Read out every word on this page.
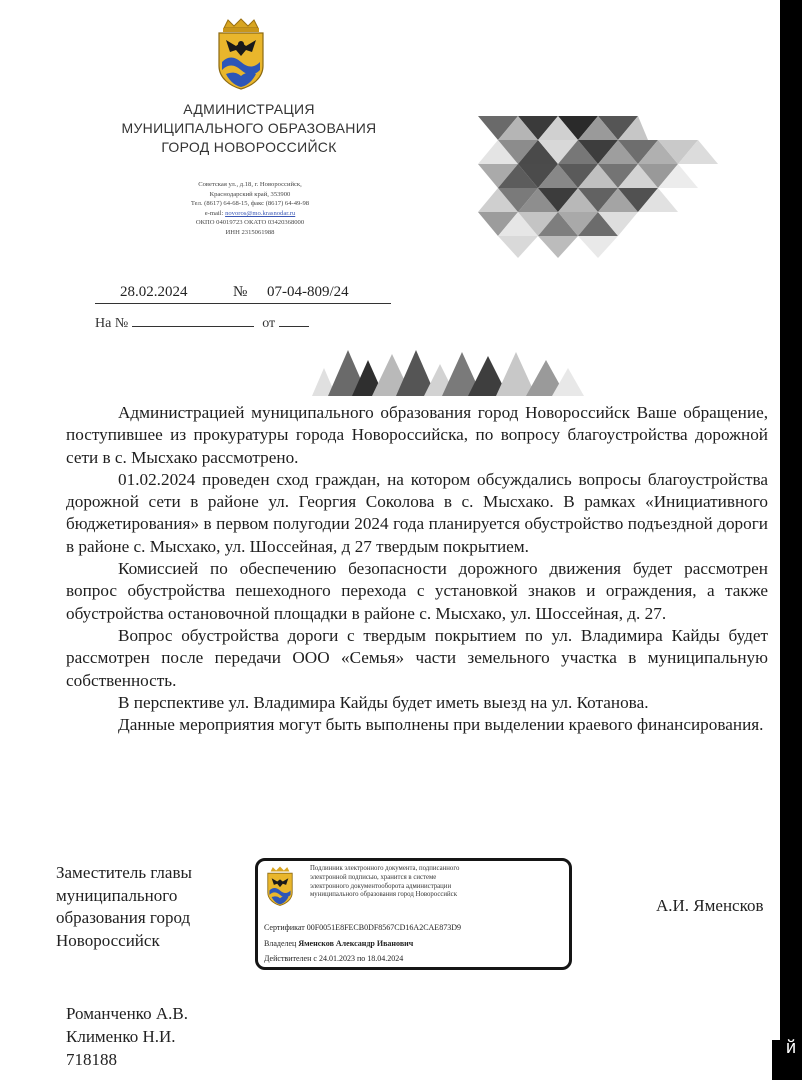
АДМИНИСТРАЦИЯ
МУНИЦИПАЛЬНОГО ОБРАЗОВАНИЯ
ГОРОД НОВОРОССИЙСК
Советская ул., д.18, г. Новороссийск,
Краснодарский край, 353900
Тел. (8617) 64-68-15, факс (8617) 64-49-98
e-mail: novoros@mo.krasnodar.ru
ОКПО 04019723 ОКАТО 03420368000
ИНН 2315061988
28.02.2024	№ 07-04-809/24
На №	от

Администрацией муниципального образования город Новороссийск Ваше обращение, поступившее из прокуратуры города Новороссийска, по вопросу благоустройства дорожной сети в с. Мысхако рассмотрено.

01.02.2024 проведен сход граждан, на котором обсуждались вопросы благоустройства дорожной сети в районе ул. Георгия Соколова в с. Мысхако. В рамках «Инициативного бюджетирования» в первом полугодии 2024 года планируется обустройство подъездной дороги в районе с. Мысхако, ул. Шоссейная, д 27 твердым покрытием.

Комиссией по обеспечению безопасности дорожного движения будет рассмотрен вопрос обустройства пешеходного перехода с установкой знаков и ограждения, а также обустройства остановочной площадки в районе с. Мысхако, ул. Шоссейная, д. 27.

Вопрос обустройства дороги с твердым покрытием по ул. Владимира Кайды будет рассмотрен после передачи ООО «Семья» части земельного участка в муниципальную собственность.

В перспективе ул. Владимира Кайды будет иметь выезд на ул. Котанова.

Данные мероприятия могут быть выполнены при выделении краевого финансирования.

Заместитель главы
муниципального
образования город
Новороссийск
Подлинник электронного документа, подписанного
электронной подписью, хранится в системе
электронного документооборота администрации
муниципального образования город Новороссийск
Сертификат 00F0051E8FECB0DF8567CD16A2CAE873D9
Владелец Яменсков Александр Иванович
Действителен с 24.01.2023 по 18.04.2024
А.И. Яменсков
Романченко А.В.
Клименко Н.И.
718188
й
